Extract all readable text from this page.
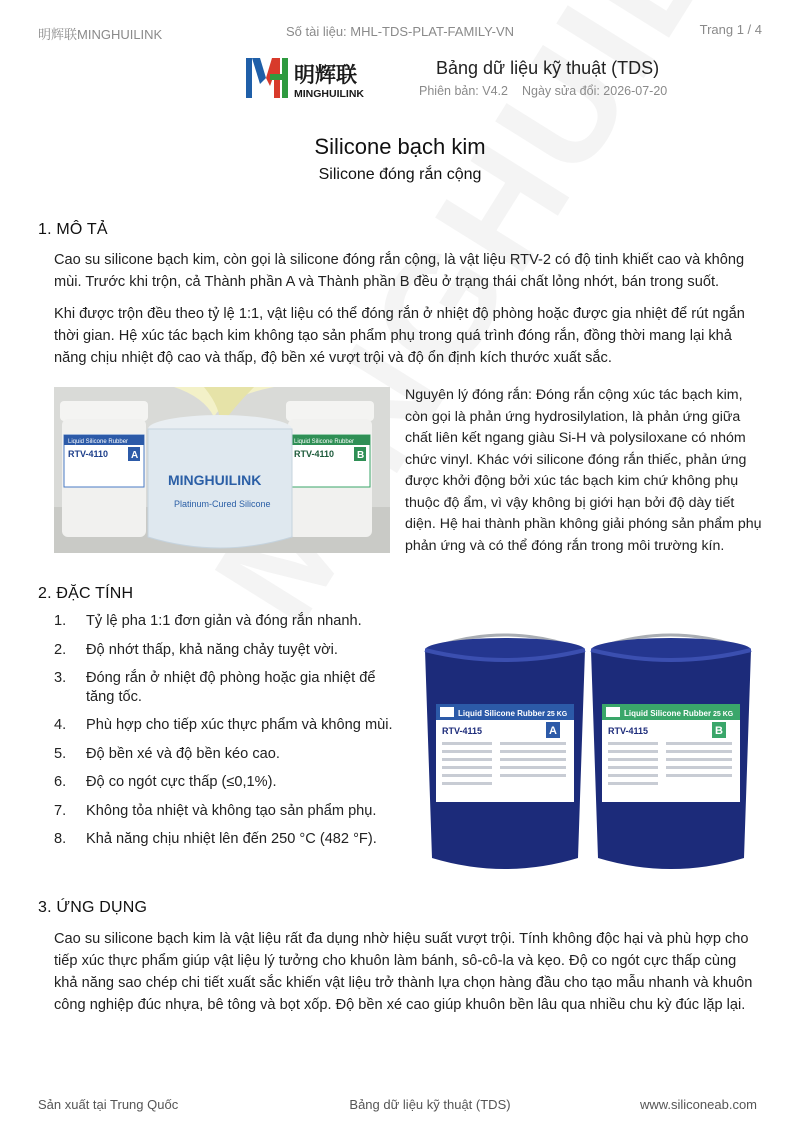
明辉联MINGHUILINK	Số tài liệu: MHL-TDS-PLAT-FAMILY-VN	Trang 1 / 4
明辉联
MINGHUILINK
Bảng dữ liệu kỹ thuật (TDS)
Phiên bản: V4.2 Ngày sửa đổi: 2026-07-20
Silicone bạch kim
Silicone đóng rắn cộng
1. MÔ TẢ
Cao su silicone bạch kim, còn gọi là silicone đóng rắn cộng, là vật liệu RTV-2 có độ tinh khiết cao và không mùi. Trước khi trộn, cả Thành phần A và Thành phần B đều ở trạng thái chất lỏng nhớt, bán trong suốt.
Khi được trộn đều theo tỷ lệ 1:1, vật liệu có thể đóng rắn ở nhiệt độ phòng hoặc được gia nhiệt để rút ngắn thời gian. Hệ xúc tác bạch kim không tạo sản phẩm phụ trong quá trình đóng rắn, đồng thời mang lại khả năng chịu nhiệt độ cao và thấp, độ bền xé vượt trội và độ ổn định kích thước xuất sắc.
Liquid Silicone Rubber
RTV-4110 A
Liquid Silicone Rubber
RTV-4110 B
MINGHUILINK
Platinum-Cured Silicone
Nguyên lý đóng rắn: Đóng rắn cộng xúc tác bạch kim, còn gọi là phản ứng hydrosilylation, là phản ứng giữa chất liên kết ngang giàu Si-H và polysiloxane có nhóm chức vinyl. Khác với silicone đóng rắn thiếc, phản ứng được khởi động bởi xúc tác bạch kim chứ không phụ thuộc độ ẩm, vì vậy không bị giới hạn bởi độ dày tiết diện. Hệ hai thành phần không giải phóng sản phẩm phụ phản ứng và có thể đóng rắn trong môi trường kín.
2. ĐẶC TÍNH
1. Tỷ lệ pha 1:1 đơn giản và đóng rắn nhanh.
2. Độ nhớt thấp, khả năng chảy tuyệt vời.
3. Đóng rắn ở nhiệt độ phòng hoặc gia nhiệt để tăng tốc.
4. Phù hợp cho tiếp xúc thực phẩm và không mùi.
5. Độ bền xé và độ bền kéo cao.
6. Độ co ngót cực thấp (≤0,1%).
7. Không tỏa nhiệt và không tạo sản phẩm phụ.
8. Khả năng chịu nhiệt lên đến 250 °C (482 °F).
Liquid Silicone Rubber 25 KG
RTV-4115	A
Liquid Silicone Rubber 25 KG
RTV-4115	B
3. ỨNG DỤNG
Cao su silicone bạch kim là vật liệu rất đa dụng nhờ hiệu suất vượt trội. Tính không độc hại và phù hợp cho tiếp xúc thực phẩm giúp vật liệu lý tưởng cho khuôn làm bánh, sô-cô-la và kẹo. Độ co ngót cực thấp cùng khả năng sao chép chi tiết xuất sắc khiến vật liệu trở thành lựa chọn hàng đầu cho tạo mẫu nhanh và khuôn công nghiệp đúc nhựa, bê tông và bọt xốp. Độ bền xé cao giúp khuôn bền lâu qua nhiều chu kỳ đúc lặp lại.
Sản xuất tại Trung Quốc	Bảng dữ liệu kỹ thuật (TDS)	www.siliconeab.com
